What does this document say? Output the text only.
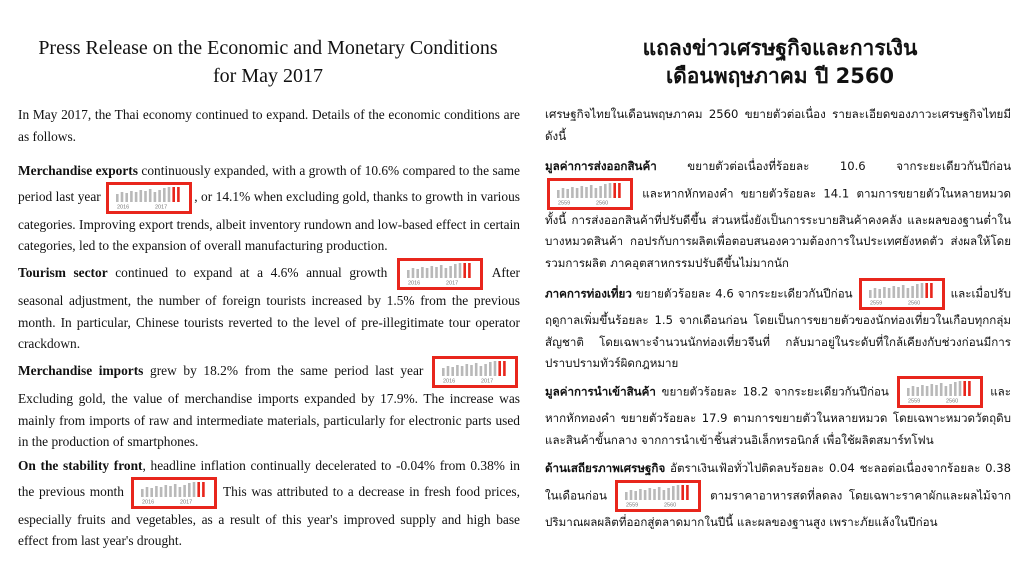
Press Release on the Economic and Monetary Conditions
for May 2017
In May 2017, the Thai economy continued to expand. Details of the economic conditions are as follows.
Merchandise exports continuously expanded, with a growth of 10.6% compared to the same period last year
2016	2017
, or 14.1% when excluding gold, thanks to growth in various categories. Improving export trends, albeit inventory rundown and low-based effect in certain categories, led to the expansion of overall manufacturing production.
Tourism sector continued to expand at a 4.6% annual growth
2016	2017
After seasonal adjustment, the number of foreign tourists increased by 1.5% from the previous month. In particular, Chinese tourists reverted to the level of pre-illegitimate tour operator crackdown.
Merchandise imports grew by 18.2% from the same period last year
2016	2017
Excluding gold, the value of merchandise imports expanded by 17.9%. The increase was mainly from imports of raw and intermediate materials, particularly for electronic parts used in the production of smartphones.
On the stability front, headline inflation continually decelerated to -0.04% from 0.38% in the previous month
2016	2017
This was attributed to a decrease in fresh food prices, especially fruits and vegetables, as a result of this year's improved supply and high base effect from last year's drought.
แถลงข่าวเศรษฐกิจและการเงิน
เดือนพฤษภาคม ปี 2560
เศรษฐกิจไทยในเดือนพฤษภาคม 2560 ขยายตัวต่อเนื่อง รายละเอียดของภาวะเศรษฐกิจไทยมีดังนี้
มูลค่าการส่งออกสินค้า ขยายตัวต่อเนื่องที่ร้อยละ 10.6 จากระยะเดียวกันปีก่อน
2559	2560
และหากหักทองคำ ขยายตัวร้อยละ 14.1 ตามการขยายตัวในหลายหมวด ทั้งนี้ การส่งออกสินค้าที่ปรับดีขึ้น ส่วนหนึ่งยังเป็นการระบายสินค้าคงคลัง และผลของฐานต่ำใน บางหมวดสินค้า กอปรกับการผลิตเพื่อตอบสนองความต้องการในประเทศยังหดตัว ส่งผลให้โดยรวมการผลิต ภาคอุตสาหกรรมปรับดีขึ้นไม่มากนัก
ภาคการท่องเที่ยว ขยายตัวร้อยละ 4.6 จากระยะเดียวกันปีก่อน
2559	2560
และเมื่อปรับฤดูกาลเพิ่มขึ้นร้อยละ 1.5 จากเดือนก่อน โดยเป็นการขยายตัวของนักท่องเที่ยวในเกือบทุกกลุ่มสัญชาติ โดยเฉพาะจำนวนนักท่องเที่ยวจีนที่ กลับมาอยู่ในระดับที่ใกล้เคียงกับช่วงก่อนมีการปราบปรามทัวร์ผิดกฎหมาย
มูลค่าการนำเข้าสินค้า ขยายตัวร้อยละ 18.2 จากระยะเดียวกันปีก่อน
2559	2560
และหากหักทองคำ ขยายตัวร้อยละ 17.9 ตามการขยายตัวในหลายหมวด โดยเฉพาะหมวดวัตถุดิบและสินค้าขั้นกลาง จากการนำเข้าชิ้นส่วนอิเล็กทรอนิกส์ เพื่อใช้ผลิตสมาร์ทโฟน
ด้านเสถียรภาพเศรษฐกิจ อัตราเงินเฟ้อทั่วไปติดลบร้อยละ 0.04 ชะลอต่อเนื่องจากร้อยละ 0.38 ในเดือนก่อน
2559	2560
ตามราคาอาหารสดที่ลดลง โดยเฉพาะราคาผักและผลไม้จากปริมาณผลผลิตที่ออกสู่ตลาดมากในปีนี้ และผลของฐานสูง เพราะภัยแล้งในปีก่อน
